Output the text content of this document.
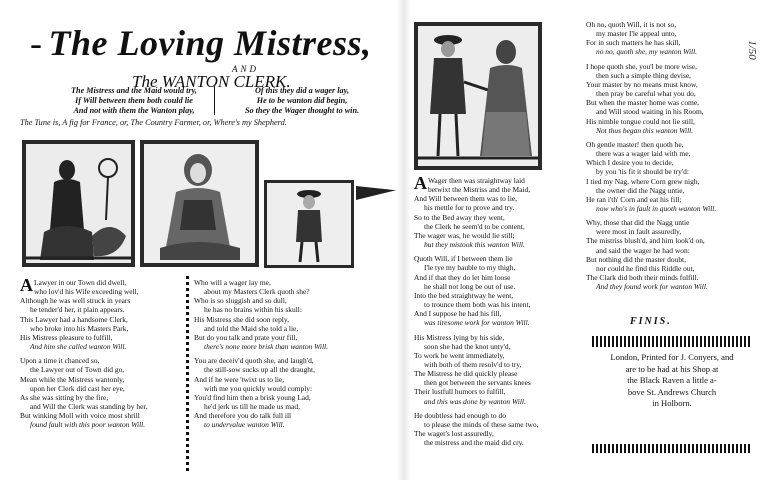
- The Loving Mistress,
AND
The WANTON CLERK.
The Mistress and the Maid would try,
If Will between them both could lie
And not with them the Wanton play,
Of this they did a wager lay,
He to be wanton did begin,
So they the Wager thought to win.
The Tune is, A fig for France, or, The Country Farmer, or, Where's my Shepherd.
A Lawyer in our Town did dwell,

who lov'd his Wife exceeding well,

Although he was well struck in years

he tender'd her, it plain appears.

This Lawyer had a handsome Clerk,

who broke into his Masters Park,

His Mistress pleasure to fulfill,

And him she called wanton Will.

Upon a time it chanced so,

the Lawyer out of Town did go,

Mean while the Mistress wantonly,

upon her Clerk did cast her eye,

As she was sitting by the fire,

and Will the Clerk was standing by her,

But winking Moll with voice most shrill

found fault with this poor wanton Will.

Who will a wager lay me,

about my Masters Clerk quoth she?

Who is so sluggish and so dull,

he has no brains within his skull:

His Mistress she did soon reply,

and told the Maid she told a lie,

But do you talk and prate your fill,

there's none more brisk than wanton Will.

You are deceiv'd quoth she, and laugh'd,

the still-sow sucks up all the draught,

And if he were 'twixt us to lie,

with me you quickly would comply:

You'd find him then a brisk young Lad,

he'd jerk us till he made us mad,

And therefore you do talk full ill

to undervalue wanton Will.

A Wager then was straightway laid

betwixt the Mistriss and the Maid,

And Will between them was to lie,

his mettle for to prove and try.

So to the Bed away they went,

the Clerk he seem'd to be content,

The wager was, he would lie still;

but they mistook this wanton Will.

Quoth Will, if I between them lie

I'le tye my bauble to my thigh,

And if that they do let him loose

he shall not long be out of use.

Into the bed straightway he went,

to trounce them both was his intent,

And I suppose he had his fill,

was tiresome work for wanton Will.

His Mistress lying by his side,

soon she had the knot unty'd,

To work he went immediately,

with both of them resolv'd to try,

The Mistress he did quickly please

then got between the servants knees

Their lustfull humors to fulfill,

and this was done by wanton Will.

He doubtless had enough to do

to please the minds of these same two,

The wager's lost assuredly,

the mistress and the maid did cry.

Oh no, quoth Will, it is not so,

my master I'le appeal unto,

For in such matters he has skill,

no no, quoth she, my wanton Will.

I hope quoth she, you'l be more wise,

then such a simple thing devise,

Your master by no means must know,

then pray be careful what you do,

But when the master home was come,

and Will stood waiting in his Room,

His nimble tongue could not lie still,

Not thus began this wanton Will.

Oh gentle master! then quoth he,

there was a wager laid with me,

Which I desire you to decide,

by you 'tis fit it should be try'd:

I tied my Nag, where Corn grew nigh,

the owner did the Nagg untie,

He ran i'th' Corn and eat his fill;

now who's in fault in quoth wanton Will.

Why, those that did the Nagg untie

were most in fault assuredly,

The mistriss blush'd, and him look'd on,

and said the wager he had won:

But nothing did the master doubt,

nor could he find this Riddle out,

The Clark did both their minds fulfill.

And they found work for wanton Will.

FINIS.
London, Printed for J. Conyers, and
are to be had at his Shop at
the Black Raven a little a-
bove St. Andrews Church
in Holborn.
1/50
